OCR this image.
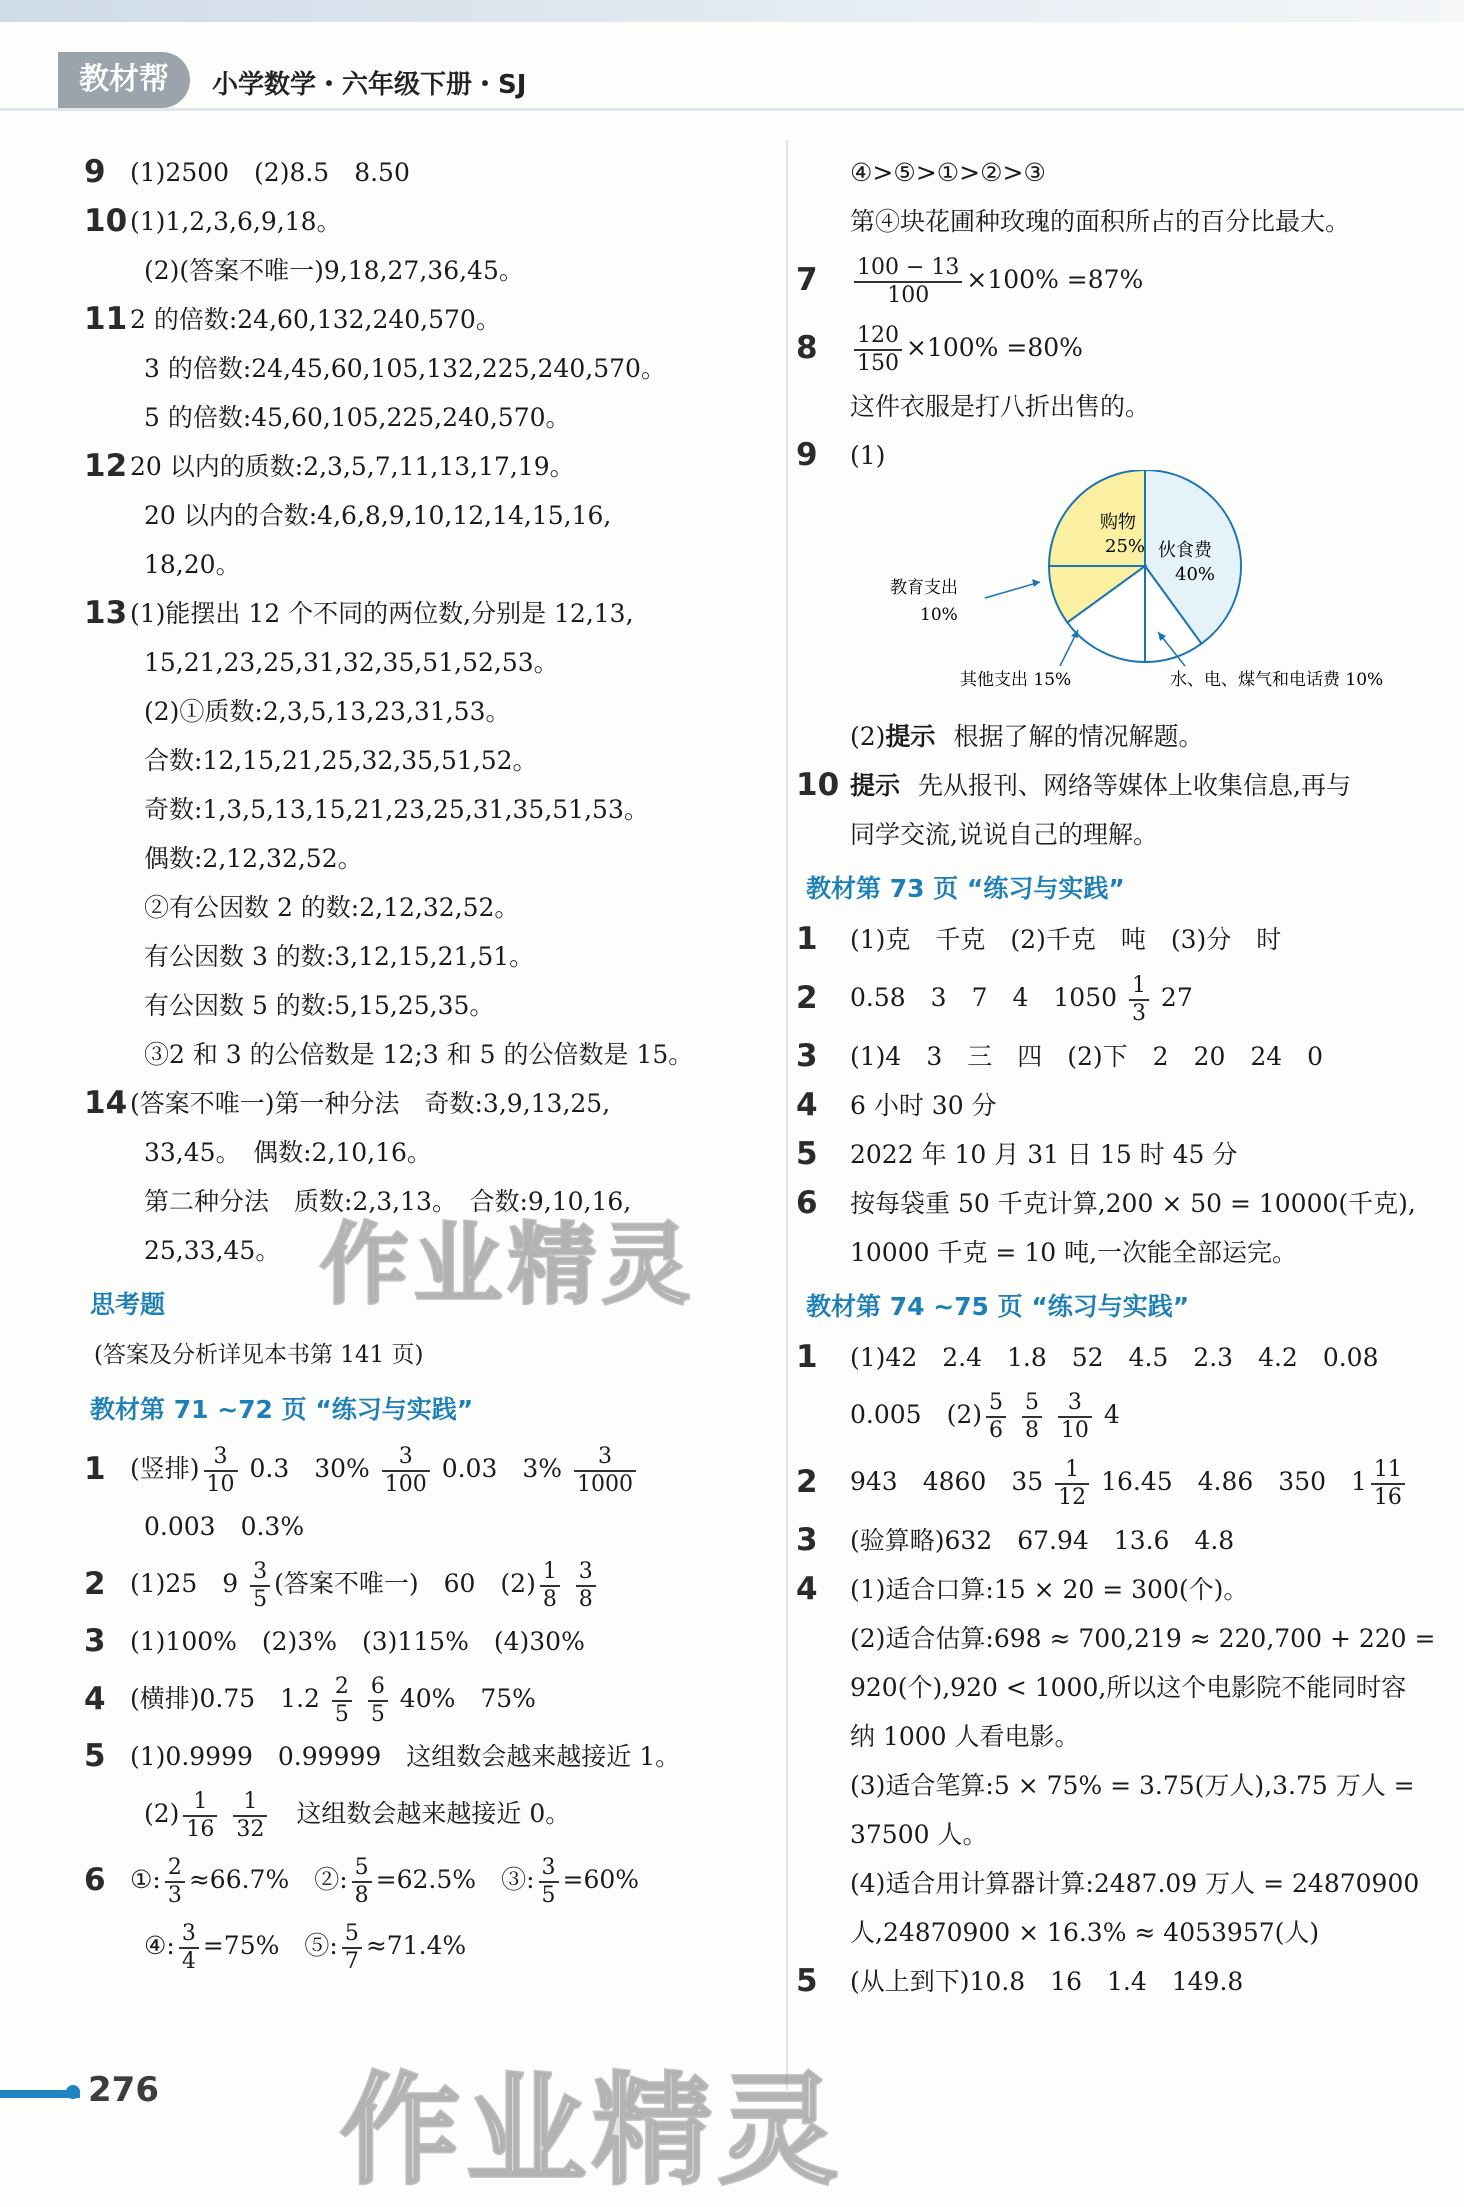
教材帮	小学数学・六年级下册・SJ
9 (1)2500　(2)8.5　8.50
10 (1)1,2,3,6,9,18。
(2)(答案不唯一)9,18,27,36,45。
11 2 的倍数:24,60,132,240,570。
3 的倍数:24,45,60,105,132,225,240,570。
5 的倍数:45,60,105,225,240,570。
12 20 以内的质数:2,3,5,7,11,13,17,19。
20 以内的合数:4,6,8,9,10,12,14,15,16,
18,20。
13 (1)能摆出 12 个不同的两位数,分别是 12,13,
15,21,23,25,31,32,35,51,52,53。
(2)①质数:2,3,5,13,23,31,53。
合数:12,15,21,25,32,35,51,52。
奇数:1,3,5,13,15,21,23,25,31,35,51,53。
偶数:2,12,32,52。
②有公因数 2 的数:2,12,32,52。
有公因数 3 的数:3,12,15,21,51。
有公因数 5 的数:5,15,25,35。
③2 和 3 的公倍数是 12;3 和 5 的公倍数是 15。
14 (答案不唯一)第一种分法　奇数:3,9,13,25,
33,45。　偶数:2,10,16。
第二种分法　质数:2,3,13。　合数:9,10,16,
25,33,45。
思考题
(答案及分析详见本书第 141 页)
教材第 71 ~72 页 “练习与实践”
1 (竖排) $\frac{3}{10} 0.3$　$30\% \frac{3}{100} 0.03$　$3\% \frac{3}{1000}$
0.003　0.3%
2 (1)25　$9 \frac{3}{5}$ (答案不唯一)　60　$(2) \frac{1}{8}$
$\frac{3}{8}$
3 (1)100%　(2)3%　(3)115%　(4)30%
4 (横排)0.75　$1.2 \frac{2}{5}$
$\frac{6}{5} 40\%$　75%
5 (1)0.9999　0.99999　这组数会越来越接近 1。
$(2) \frac{1}{16}$
$\frac{1}{32}$
　 这组数会越来越接近 0。
6 ①: $\frac{2}{3} \approx 66.7\%$　 ②: $\frac{5}{8} =62.5\%$　 ③: $\frac{3}{5} =60\%$
④: $\frac{3}{4} =75\%$　 ⑤: $\frac{5}{7} \approx 71.4\%$
④>⑤>①>②>③
第④块花圃种玫瑰的面积所占的百分比最大。
$7 \frac{100 - 13}{100} \times 100\% =87\%$
$8 \frac{120}{150} \times 100\% =80\%$
这件衣服是打八折出售的。
9 (1)
购物
25% 伙食费
40%
教育支出
10%
其他支出 15%	水、电、煤气和电话费 10%
(2)提示 根据了解的情况解题。
10 提示 先从报刊、网络等媒体上收集信息,再与
同学交流,说说自己的理解。
教材第 73 页 “练习与实践”
1 (1)克　千克　(2)千克　吨　(3)分　时
2 0.58　3　7　4　$1050 \frac{1}{3} 27$
3 (1)4　3　三　四　(2)下　2　20　24　0
4 6 小时 30 分
5 2022 年 10 月 31 日 15 时 45 分
6 按每袋重 50 千克计算,200 × 50 = 10000(千克),
10000 千克 = 10 吨,一次能全部运完。
教材第 74 ~75 页 “练习与实践”
1 (1)42　2.4　1.8　52　4.5　2.3　4.2　0.08
0.005　$(2) \frac{5}{6}$
$\frac{5}{8}$
$\frac{3}{10} 4$
2 943　4860　$35 \frac{1}{12} 16.45$　4.86　350　$1 \frac{11}{16}$
3 (验算略)632　67.94　13.6　4.8
4 (1)适合口算:15 × 20 = 300(个)。
(2)适合估算:698 ≈ 700,219 ≈ 220,700 + 220 =
920(个),920 < 1000,所以这个电影院不能同时容
纳 1000 人看电影。
(3)适合笔算:5 × 75% = 3.75(万人),3.75 万人 =
37500 人。
(4)适合用计算器计算:2487.09 万人 = 24870900
人,24870900 × 16.3% ≈ 4053957(人)
5 (从上到下)10.8　16　1.4　149.8
276
作业精灵
作业精灵
